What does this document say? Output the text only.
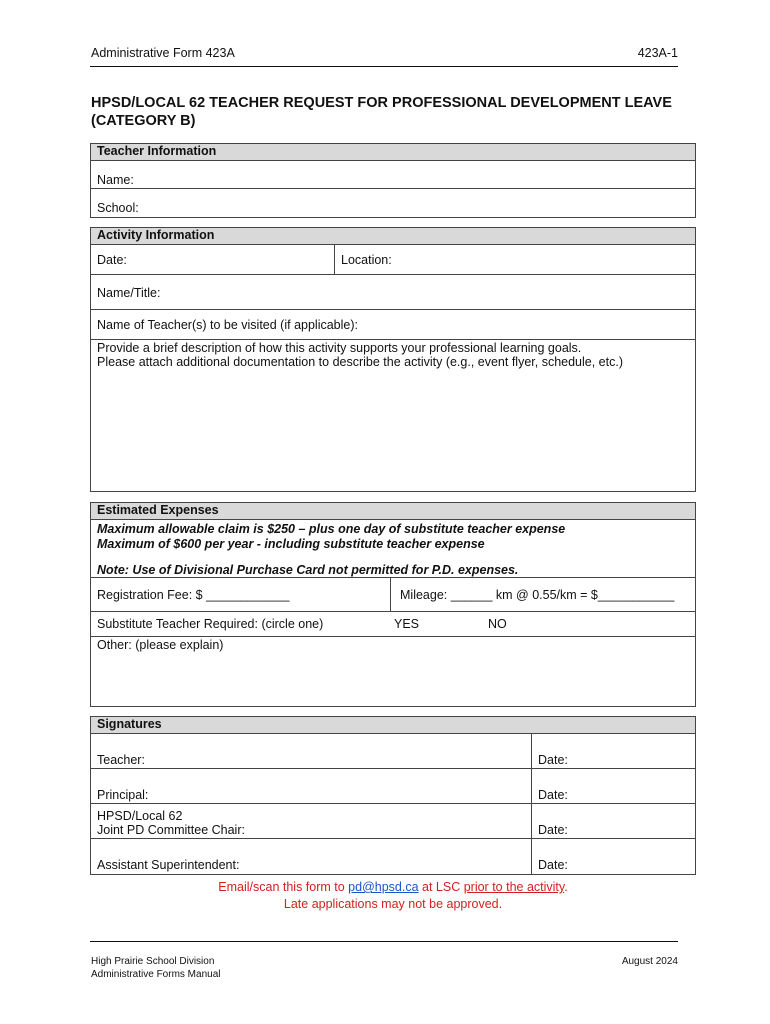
Administrative Form 423A	423A-1
HPSD/LOCAL 62 TEACHER REQUEST FOR PROFESSIONAL DEVELOPMENT LEAVE (CATEGORY B)
Teacher Information
Name:
School:
Activity Information
Date:	Location:
Name/Title:
Name of Teacher(s) to be visited (if applicable):
Provide a brief description of how this activity supports your professional learning goals.
Please attach additional documentation to describe the activity (e.g., event flyer, schedule, etc.)
Estimated Expenses
Maximum allowable claim is $250 – plus one day of substitute teacher expense
Maximum of $600 per year - including substitute teacher expense
Note: Use of Divisional Purchase Card not permitted for P.D. expenses.
Registration Fee: $ ____________	Mileage: ______ km @ 0.55/km = $___________
Substitute Teacher Required: (circle one)	YES	NO
Other: (please explain)
Signatures
Teacher:	Date:
Principal:	Date:
HPSD/Local 62
Joint PD Committee Chair:	Date:
Assistant Superintendent:	Date:
Email/scan this form to pd@hpsd.ca at LSC prior to the activity.
Late applications may not be approved.
High Prairie School Division
Administrative Forms Manual
August 2024
